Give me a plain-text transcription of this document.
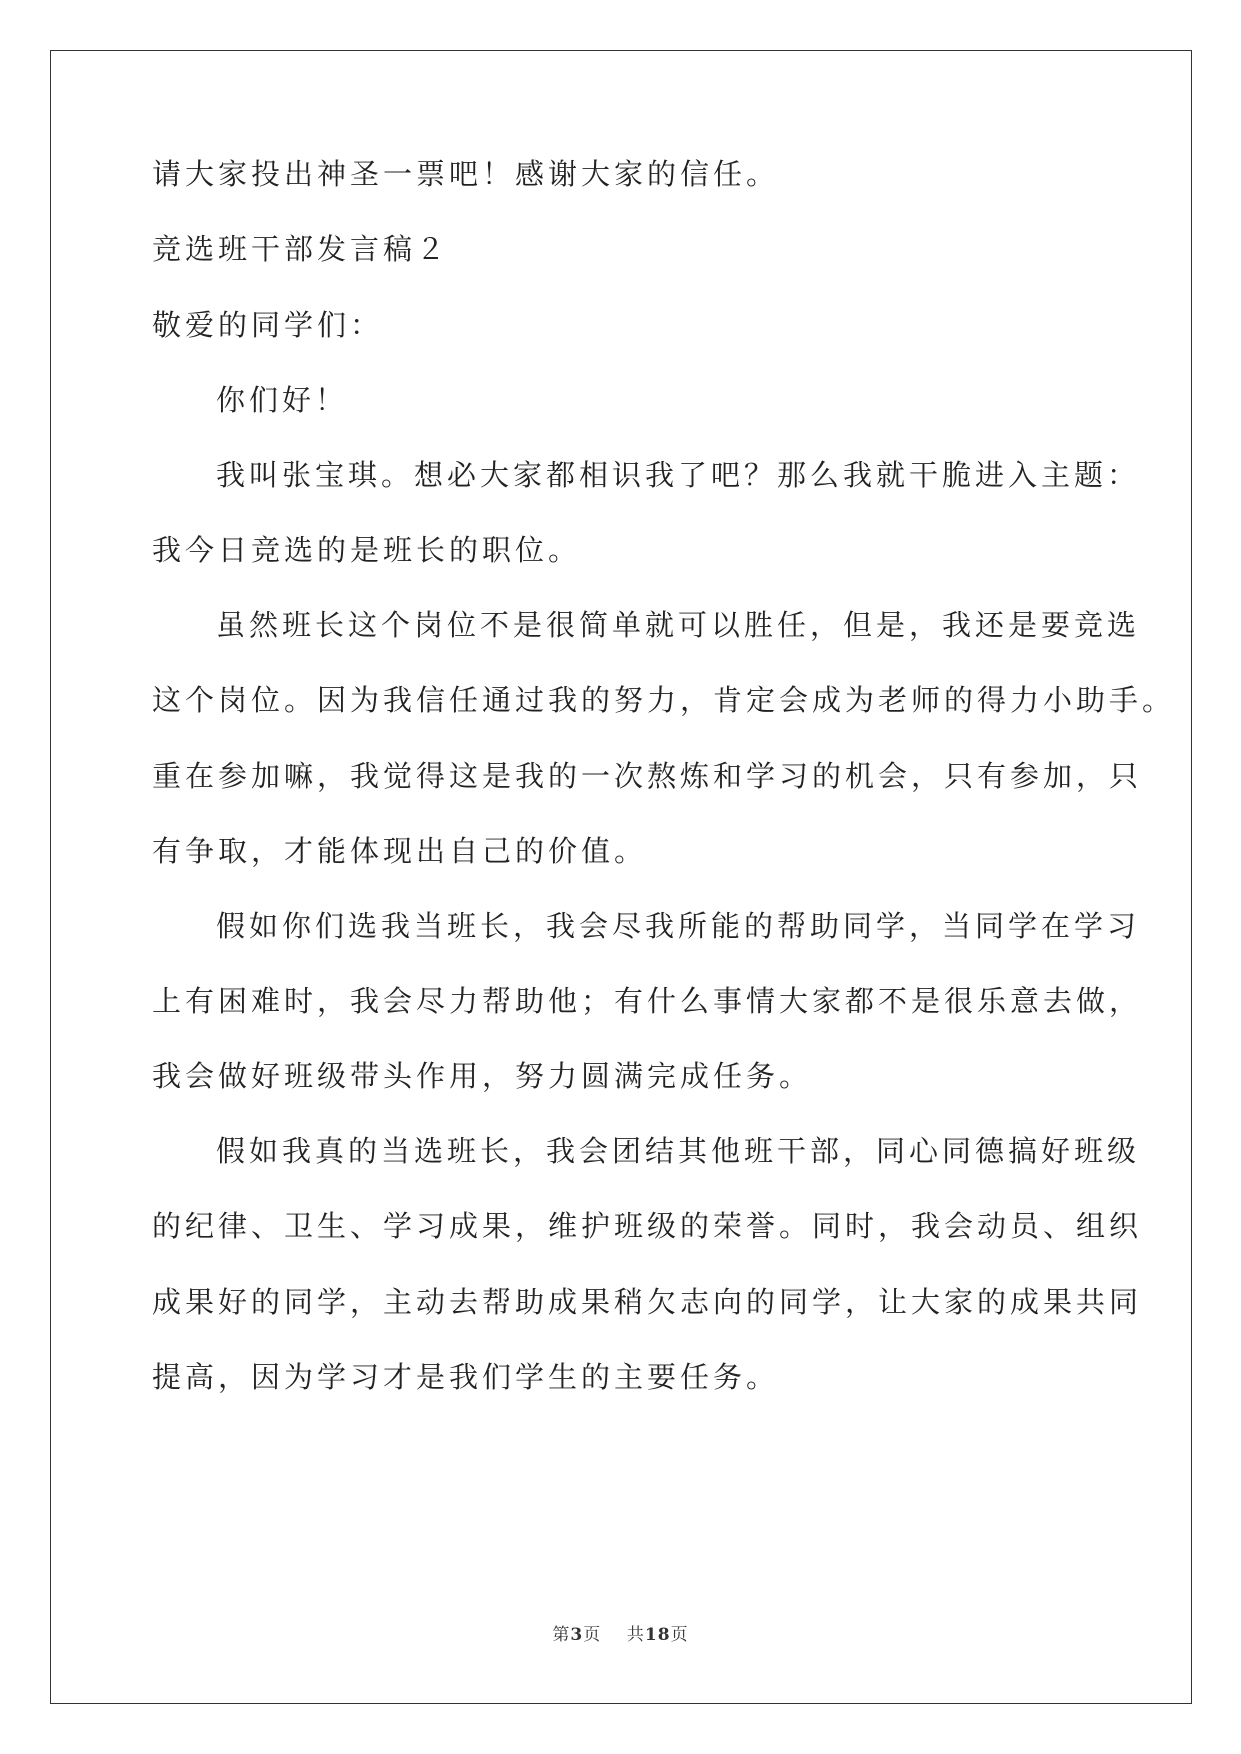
请大家投出神圣一票吧！感谢大家的信任。
竞选班干部发言稿２
敬爱的同学们：
你们好！
我叫张宝琪。想必大家都相识我了吧？那么我就干脆进入主题：
我今日竞选的是班长的职位。
虽然班长这个岗位不是很简单就可以胜任，但是，我还是要竞选
这个岗位。因为我信任通过我的努力，肯定会成为老师的得力小助手。
重在参加嘛，我觉得这是我的一次熬炼和学习的机会，只有参加，只
有争取，才能体现出自己的价值。
假如你们选我当班长，我会尽我所能的帮助同学，当同学在学习
上有困难时，我会尽力帮助他；有什么事情大家都不是很乐意去做，
我会做好班级带头作用，努力圆满完成任务。
假如我真的当选班长，我会团结其他班干部，同心同德搞好班级
的纪律、卫生、学习成果，维护班级的荣誉。同时，我会动员、组织
成果好的同学，主动去帮助成果稍欠志向的同学，让大家的成果共同
提高，因为学习才是我们学生的主要任务。
第3页 共18页
